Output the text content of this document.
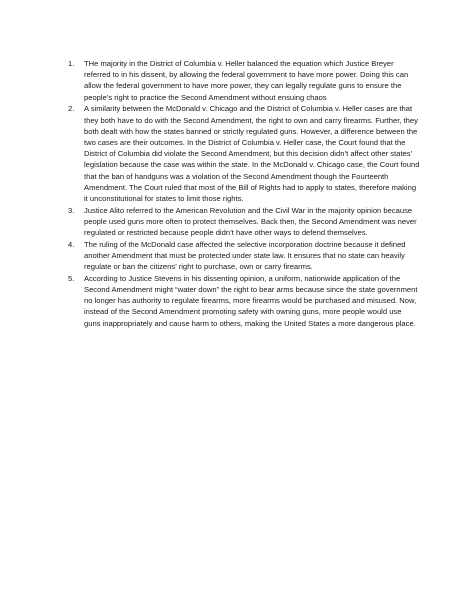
1. THe majority in the District of Columbia v. Heller balanced the equation which Justice Breyer referred to in his dissent, by allowing the federal government to have more power. Doing this can allow the federal government to have more power, they can legally regulate guns to ensure the people’s right to practice the Second Amendment without ensuing chaos
2. A similarity between the McDonald v. Chicago and the District of Columbia v. Heller cases are that they both have to do with the Second Amendment, the right to own and carry firearms. Further, they both dealt with how the states banned or strictly regulated guns. However, a difference between the two cases are their outcomes. In the District of Columbia v. Heller case, the Court found that the District of Columbia did violate the Second Amendment, but this decision didn’t affect other states’ legislation because the case was within the state. In the McDonald v. Chicago case, the Court found that the ban of handguns was a violation of the Second Amendment though the Fourteenth Amendment. The Court ruled that most of the Bill of Rights had to apply to states, therefore making it unconstitutional for states to limit those rights.
3. Justice Alito referred to the American Revolution and the Civil War in the majority opinion because people used guns more often to protect themselves. Back then, the Second Amendment was never regulated or restricted because people didn’t have other ways to defend themselves.
4. The ruling of the McDonald case affected the selective incorporation doctrine because it defined another Amendment that must be protected under state law. It ensures that no state can heavily regulate or ban the citizens’ right to purchase, own or carry firearms.
5. According to Justice Stevens in his dissenting opinion, a uniform, nationwide application of the Second Amendment might “water down” the right to bear arms because since the state government no longer has authority to regulate firearms, more firearms would be purchased and misused. Now, instead of the Second Amendment promoting safety with owning guns, more people would use guns inappropriately and cause harm to others, making the United States a more dangerous place.
